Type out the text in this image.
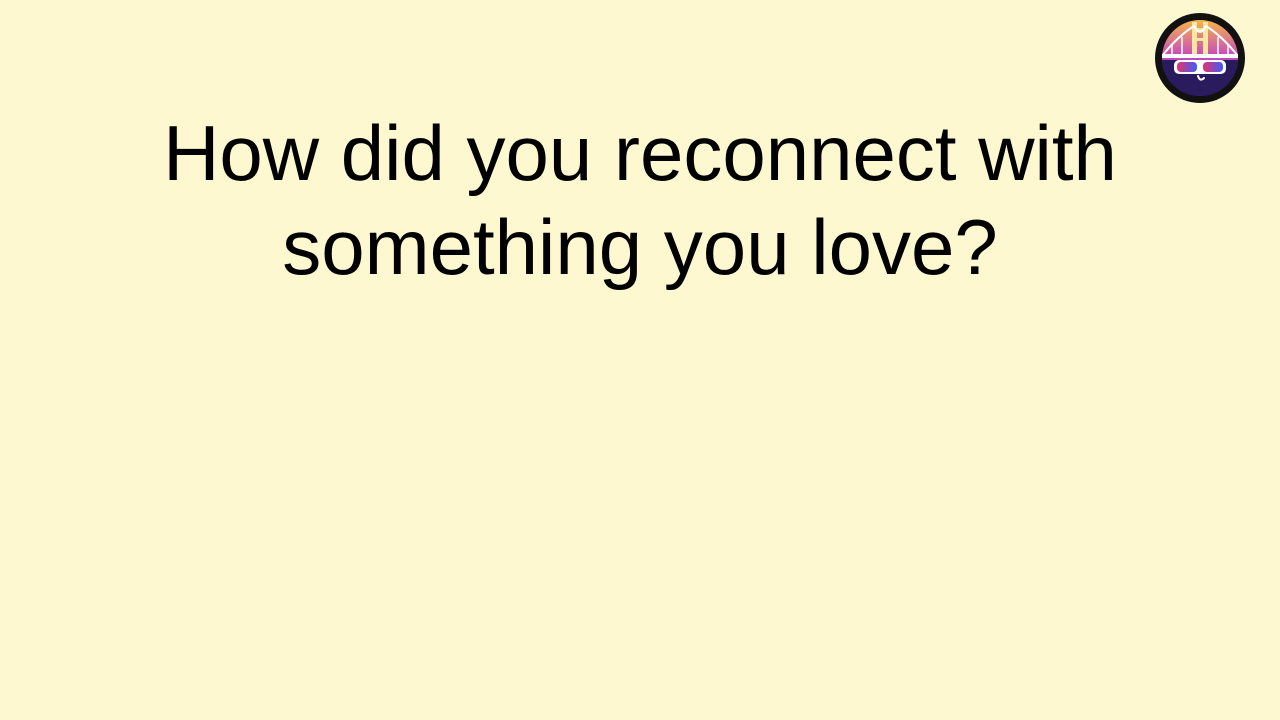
How did you reconnect with something you love?
